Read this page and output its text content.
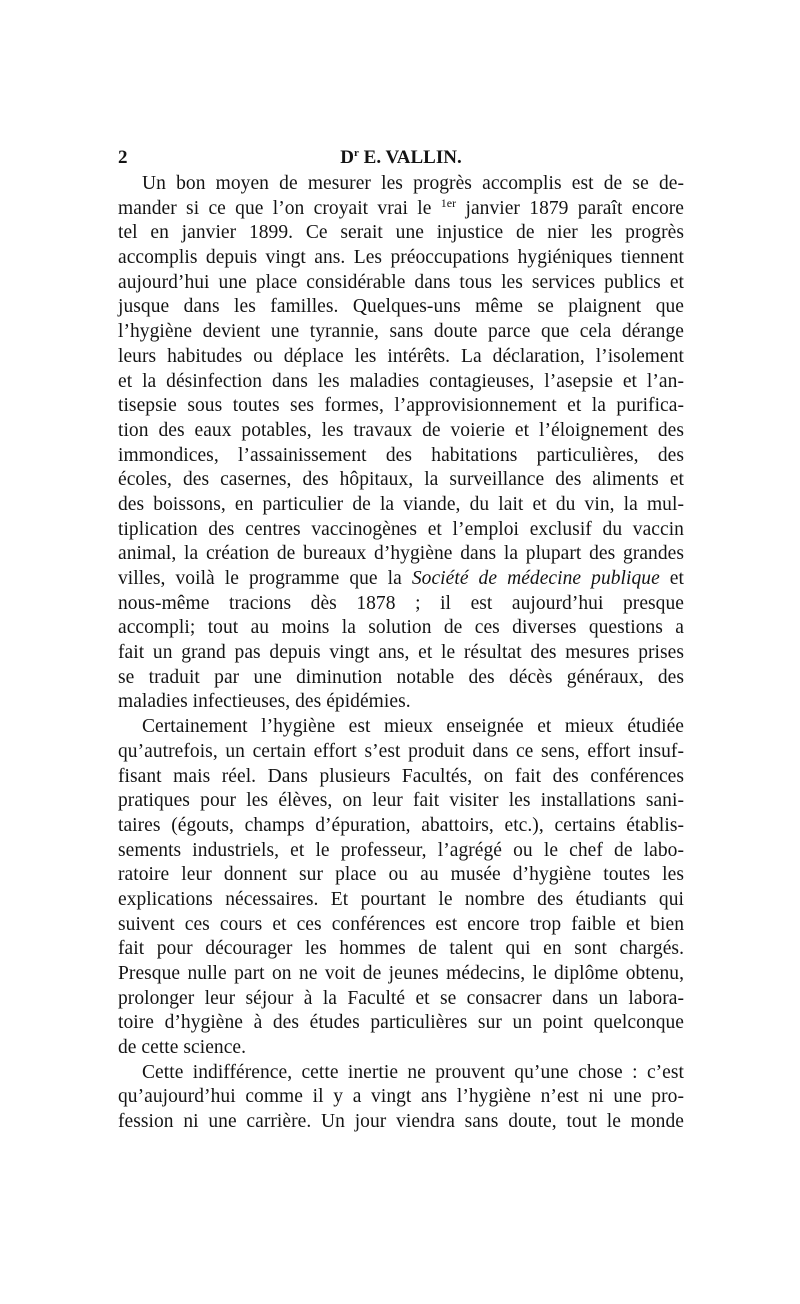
2	$D^r$ E. VALLIN.
Un bon moyen de mesurer les progrès accomplis est de se de-
mander si ce que l’on croyait vrai le $^{1er}$ janvier 1879 paraît encore
tel en janvier 1899. Ce serait une injustice de nier les progrès
accomplis depuis vingt ans. Les préoccupations hygiéniques tiennent
aujourd’hui une place considérable dans tous les services publics et
jusque dans les familles. Quelques-uns même se plaignent que
l’hygiène devient une tyrannie, sans doute parce que cela dérange
leurs habitudes ou déplace les intérêts. La déclaration, l’isolement
et la désinfection dans les maladies contagieuses, l’asepsie et l’an-
tisepsie sous toutes ses formes, l’approvisionnement et la purifica-
tion des eaux potables, les travaux de voierie et l’éloignement des
immondices, l’assainissement des habitations particulières, des
écoles, des casernes, des hôpitaux, la surveillance des aliments et
des boissons, en particulier de la viande, du lait et du vin, la mul-
tiplication des centres vaccinogènes et l’emploi exclusif du vaccin
animal, la création de bureaux d’hygiène dans la plupart des grandes
villes, voilà le programme que la Société de médecine publique et
nous-même tracions dès 1878 ; il est aujourd’hui presque
accompli; tout au moins la solution de ces diverses questions a
fait un grand pas depuis vingt ans, et le résultat des mesures prises
se traduit par une diminution notable des décès généraux, des
maladies infectieuses, des épidémies.
Certainement l’hygiène est mieux enseignée et mieux étudiée
qu’autrefois, un certain effort s’est produit dans ce sens, effort insuf-
fisant mais réel. Dans plusieurs Facultés, on fait des conférences
pratiques pour les élèves, on leur fait visiter les installations sani-
taires (égouts, champs d’épuration, abattoirs, etc.), certains établis-
sements industriels, et le professeur, l’agrégé ou le chef de labo-
ratoire leur donnent sur place ou au musée d’hygiène toutes les
explications nécessaires. Et pourtant le nombre des étudiants qui
suivent ces cours et ces conférences est encore trop faible et bien
fait pour décourager les hommes de talent qui en sont chargés.
Presque nulle part on ne voit de jeunes médecins, le diplôme obtenu,
prolonger leur séjour à la Faculté et se consacrer dans un labora-
toire d’hygiène à des études particulières sur un point quelconque
de cette science.
Cette indifférence, cette inertie ne prouvent qu’une chose : c’est
qu’aujourd’hui comme il y a vingt ans l’hygiène n’est ni une pro-
fession ni une carrière. Un jour viendra sans doute, tout le monde
